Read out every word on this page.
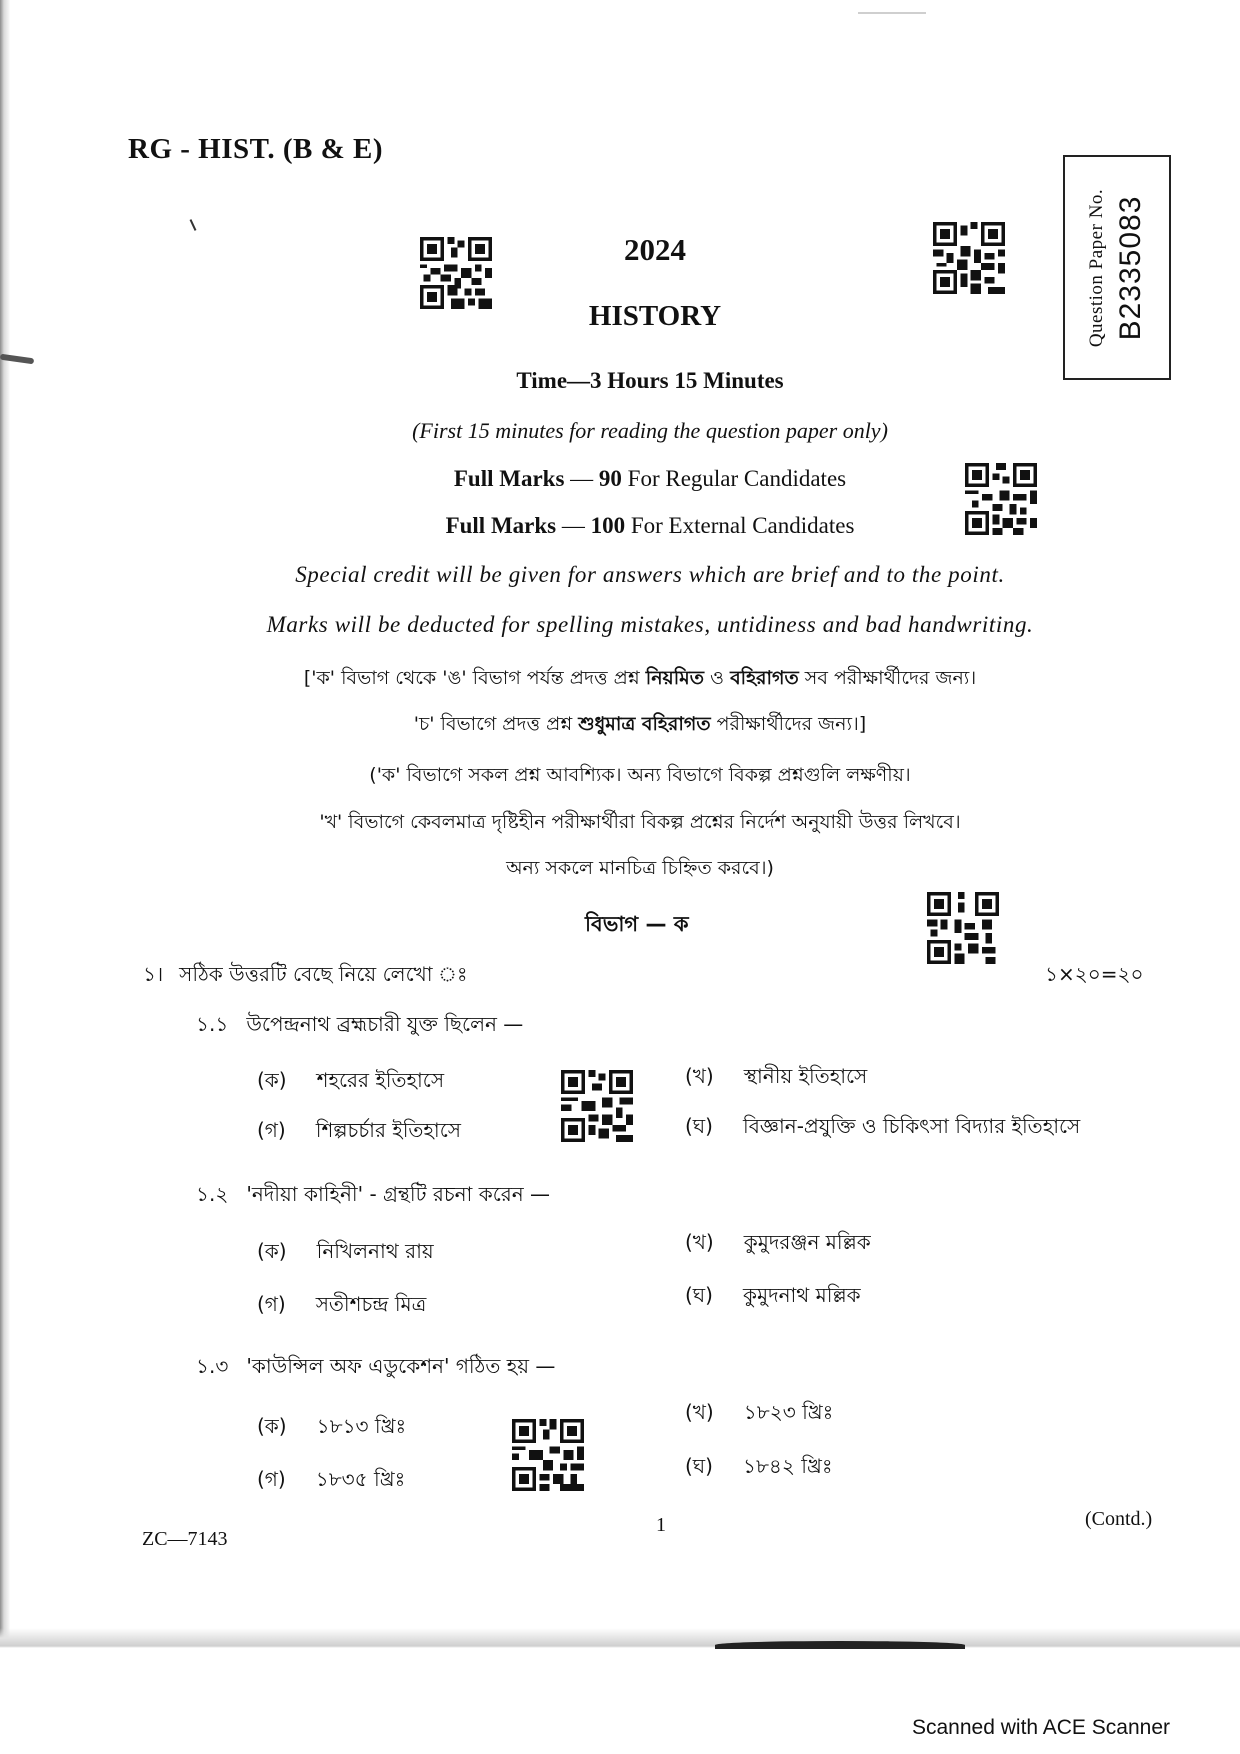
RG - HIST. (B & E)
2024
HISTORY
Time—3 Hours 15 Minutes
(First 15 minutes for reading the question paper only)
Full Marks — 90 For Regular Candidates
Full Marks — 100 For External Candidates
Special credit will be given for answers which are brief and to the point.
Marks will be deducted for spelling mistakes, untidiness and bad handwriting.
Question Paper No. B2335083
['ক' বিভাগ থেকে 'ঙ' বিভাগ পর্যন্ত প্রদত্ত প্রশ্ন নিয়মিত ও বহিরাগত সব পরীক্ষার্থীদের জন্য।
'চ' বিভাগে প্রদত্ত প্রশ্ন শুধুমাত্র বহিরাগত পরীক্ষার্থীদের জন্য।]
('ক' বিভাগে সকল প্রশ্ন আবশ্যিক। অন্য বিভাগে বিকল্প প্রশ্নগুলি লক্ষণীয়।
'খ' বিভাগে কেবলমাত্র দৃষ্টিহীন পরীক্ষার্থীরা বিকল্প প্রশ্নের নির্দেশ অনুযায়ী উত্তর লিখবে।
অন্য সকলে মানচিত্র চিহ্নিত করবে।)
বিভাগ — ক
১। সঠিক উত্তরটি বেছে নিয়ে লেখো ঃ	১×২০=২০
১.১ উপেন্দ্রনাথ ব্রহ্মচারী যুক্ত ছিলেন —
(ক) শহরের ইতিহাসে	(খ) স্থানীয় ইতিহাসে
(গ) শিল্পচর্চার ইতিহাসে	(ঘ) বিজ্ঞান-প্রযুক্তি ও চিকিৎসা বিদ্যার ইতিহাসে
১.২ 'নদীয়া কাহিনী' - গ্রন্থটি রচনা করেন —
(ক) নিখিলনাথ রায়	(খ) কুমুদরঞ্জন মল্লিক
(গ) সতীশচন্দ্র মিত্র	(ঘ) কুমুদনাথ মল্লিক
১.৩ 'কাউন্সিল অফ এডুকেশন' গঠিত হয় —
(ক) ১৮১৩ খ্রিঃ
(খ) ১৮২৩ খ্রিঃ
(গ) ১৮৩৫ খ্রিঃ
(ঘ) ১৮৪২ খ্রিঃ
ZC—7143
1	(Contd.)
Scanned with ACE Scanner
